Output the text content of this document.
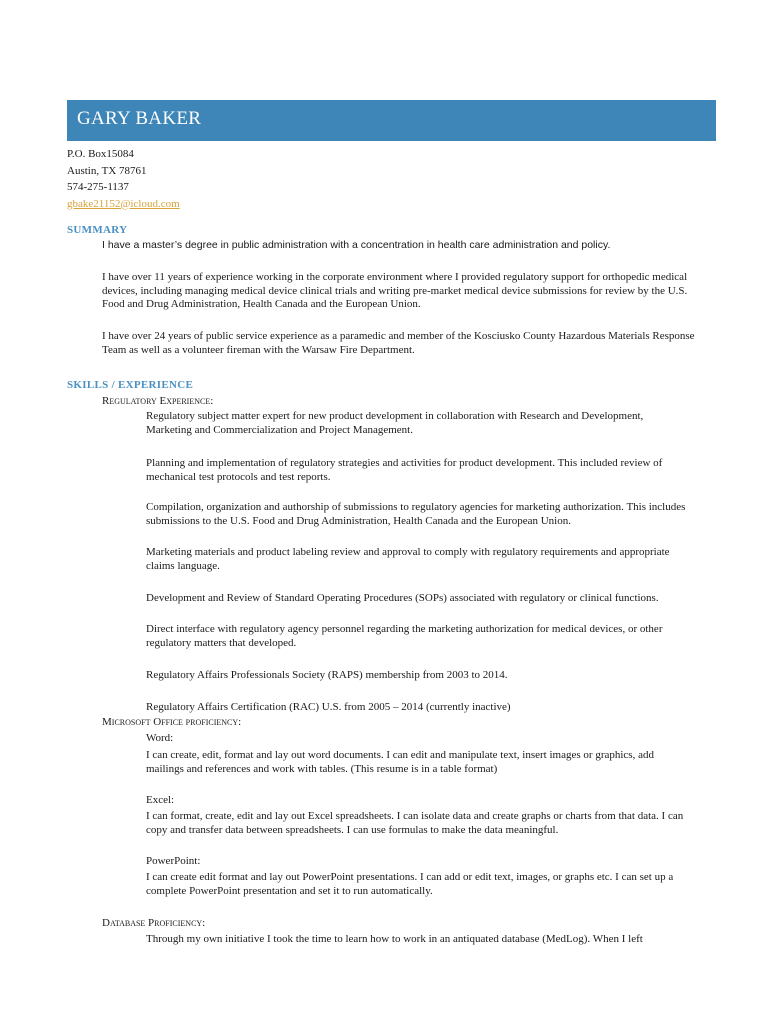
GARY BAKER
P.O. Box15084
Austin, TX 78761
574-275-1137
gbake21152@icloud.com
SUMMARY
I have a master’s degree in public administration with a concentration in health care administration and policy.
I have over 11 years of experience working in the corporate environment where I provided regulatory support for orthopedic medical devices, including managing medical device clinical trials and writing pre-market medical device submissions for review by the U.S. Food and Drug Administration, Health Canada and the European Union.
I have over 24 years of public service experience as a paramedic and member of the Kosciusko County Hazardous Materials Response Team as well as a volunteer fireman with the Warsaw Fire Department.
SKILLS / EXPERIENCE
Regulatory Experience:
Regulatory subject matter expert for new product development in collaboration with Research and Development, Marketing and Commercialization and Project Management.
Planning and implementation of regulatory strategies and activities for product development. This included review of mechanical test protocols and test reports.
Compilation, organization and authorship of submissions to regulatory agencies for marketing authorization. This includes submissions to the U.S. Food and Drug Administration, Health Canada and the European Union.
Marketing materials and product labeling review and approval to comply with regulatory requirements and appropriate claims language.
Development and Review of Standard Operating Procedures (SOPs) associated with regulatory or clinical functions.
Direct interface with regulatory agency personnel regarding the marketing authorization for medical devices, or other regulatory matters that developed.
Regulatory Affairs Professionals Society (RAPS) membership from 2003 to 2014.
Regulatory Affairs Certification (RAC) U.S. from 2005 – 2014 (currently inactive)
Microsoft Office proficiency:
Word:
I can create, edit, format and lay out word documents. I can edit and manipulate text, insert images or graphics, add mailings and references and work with tables. (This resume is in a table format)
Excel:
I can format, create, edit and lay out Excel spreadsheets. I can isolate data and create graphs or charts from that data. I can copy and transfer data between spreadsheets. I can use formulas to make the data meaningful.
PowerPoint:
I can create edit format and lay out PowerPoint presentations. I can add or edit text, images, or graphs etc. I can set up a complete PowerPoint presentation and set it to run automatically.
Database Proficiency:
Through my own initiative I took the time to learn how to work in an antiquated database (MedLog). When I left
